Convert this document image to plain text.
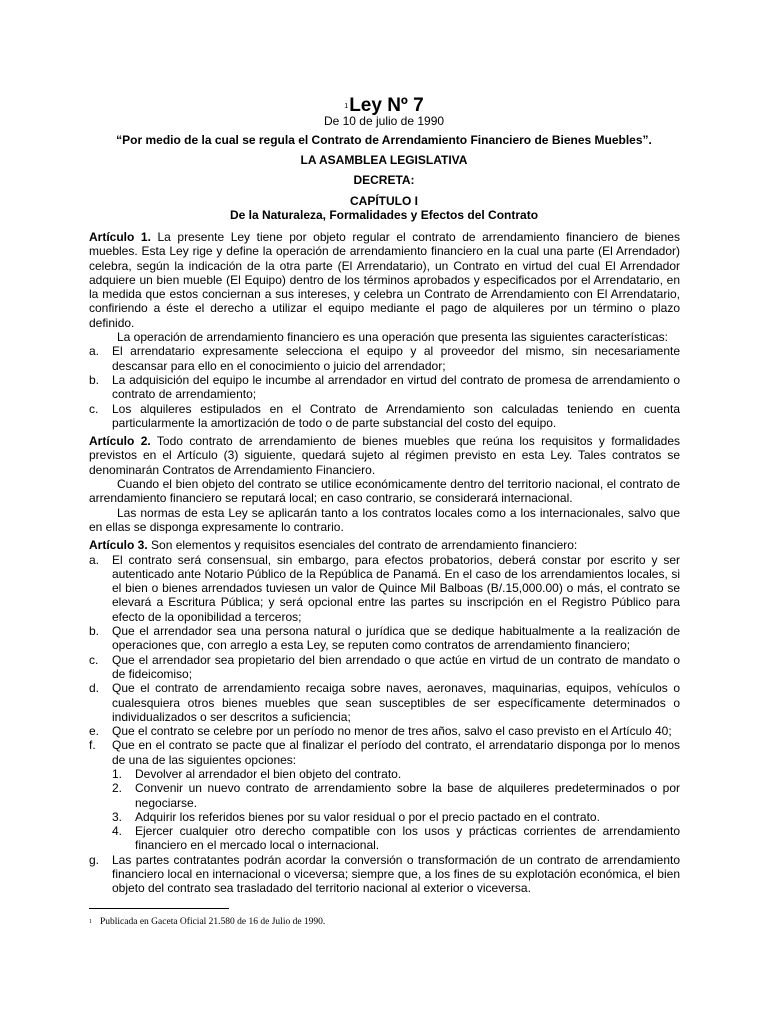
$^1$Ley Nº 7
De 10 de julio de 1990
“Por medio de la cual se regula el Contrato de Arrendamiento Financiero de Bienes Muebles”.
LA ASAMBLEA LEGISLATIVA
DECRETA:
CAPÍTULO I
De la Naturaleza, Formalidades y Efectos del Contrato

Artículo 1. La presente Ley tiene por objeto regular el contrato de arrendamiento financiero de bienes muebles. Esta Ley rige y define la operación de arrendamiento financiero en la cual una parte (El Arrendador) celebra, según la indicación de la otra parte (El Arrendatario), un Contrato en virtud del cual El Arrendador adquiere un bien mueble (El Equipo) dentro de los términos aprobados y especificados por el Arrendatario, en la medida que estos conciernan a sus intereses, y celebra un Contrato de Arrendamiento con El Arrendatario, confiriendo a éste el derecho a utilizar el equipo mediante el pago de alquileres por un término o plazo definido.

La operación de arrendamiento financiero es una operación que presenta las siguientes características:

a.	El arrendatario expresamente selecciona el equipo y al proveedor del mismo, sin necesariamente descansar para ello en el conocimiento o juicio del arrendador;
b.	La adquisición del equipo le incumbe al arrendador en virtud del contrato de promesa de arrendamiento o contrato de arrendamiento;
c.	Los alquileres estipulados en el Contrato de Arrendamiento son calculadas teniendo en cuenta particularmente la amortización de todo o de parte substancial del costo del equipo.

Artículo 2. Todo contrato de arrendamiento de bienes muebles que reúna los requisitos y formalidades previstos en el Artículo (3) siguiente, quedará sujeto al régimen previsto en esta Ley. Tales contratos se denominarán Contratos de Arrendamiento Financiero.

Cuando el bien objeto del contrato se utilice económicamente dentro del territorio nacional, el contrato de arrendamiento financiero se reputará local; en caso contrario, se considerará internacional.

Las normas de esta Ley se aplicarán tanto a los contratos locales como a los internacionales, salvo que en ellas se disponga expresamente lo contrario.

Artículo 3. Son elementos y requisitos esenciales del contrato de arrendamiento financiero:

a.	El contrato será consensual, sin embargo, para efectos probatorios, deberá constar por escrito y ser autenticado ante Notario Público de la República de Panamá. En el caso de los arrendamientos locales, si el bien o bienes arrendados tuviesen un valor de Quince Mil Balboas (B/.15,000.00) o más, el contrato se elevará a Escritura Pública; y será opcional entre las partes su inscripción en el Registro Público para efecto de la oponibilidad a terceros;
b.	Que el arrendador sea una persona natural o jurídica que se dedique habitualmente a la realización de operaciones que, con arreglo a esta Ley, se reputen como contratos de arrendamiento financiero;
c.	Que el arrendador sea propietario del bien arrendado o que actúe en virtud de un contrato de mandato o de fideicomiso;
d.	Que el contrato de arrendamiento recaiga sobre naves, aeronaves, maquinarias, equipos, vehículos o cualesquiera otros bienes muebles que sean susceptibles de ser específicamente determinados o individualizados o ser descritos a suficiencia;
e.	Que el contrato se celebre por un período no menor de tres años, salvo el caso previsto en el Artículo 40;
f.	Que en el contrato se pacte que al finalizar el período del contrato, el arrendatario disponga por lo menos de una de las siguientes opciones:
1.	Devolver al arrendador el bien objeto del contrato.
2.	Convenir un nuevo contrato de arrendamiento sobre la base de alquileres predeterminados o por negociarse.
3.	Adquirir los referidos bienes por su valor residual o por el precio pactado en el contrato.
4.	Ejercer cualquier otro derecho compatible con los usos y prácticas corrientes de arrendamiento financiero en el mercado local o internacional.
g.	Las partes contratantes podrán acordar la conversión o transformación de un contrato de arrendamiento financiero local en internacional o viceversa; siempre que, a los fines de su explotación económica, el bien objeto del contrato sea trasladado del territorio nacional al exterior o viceversa.
$^1$ Publicada en Gaceta Oficial 21.580 de 16 de Julio de 1990.
